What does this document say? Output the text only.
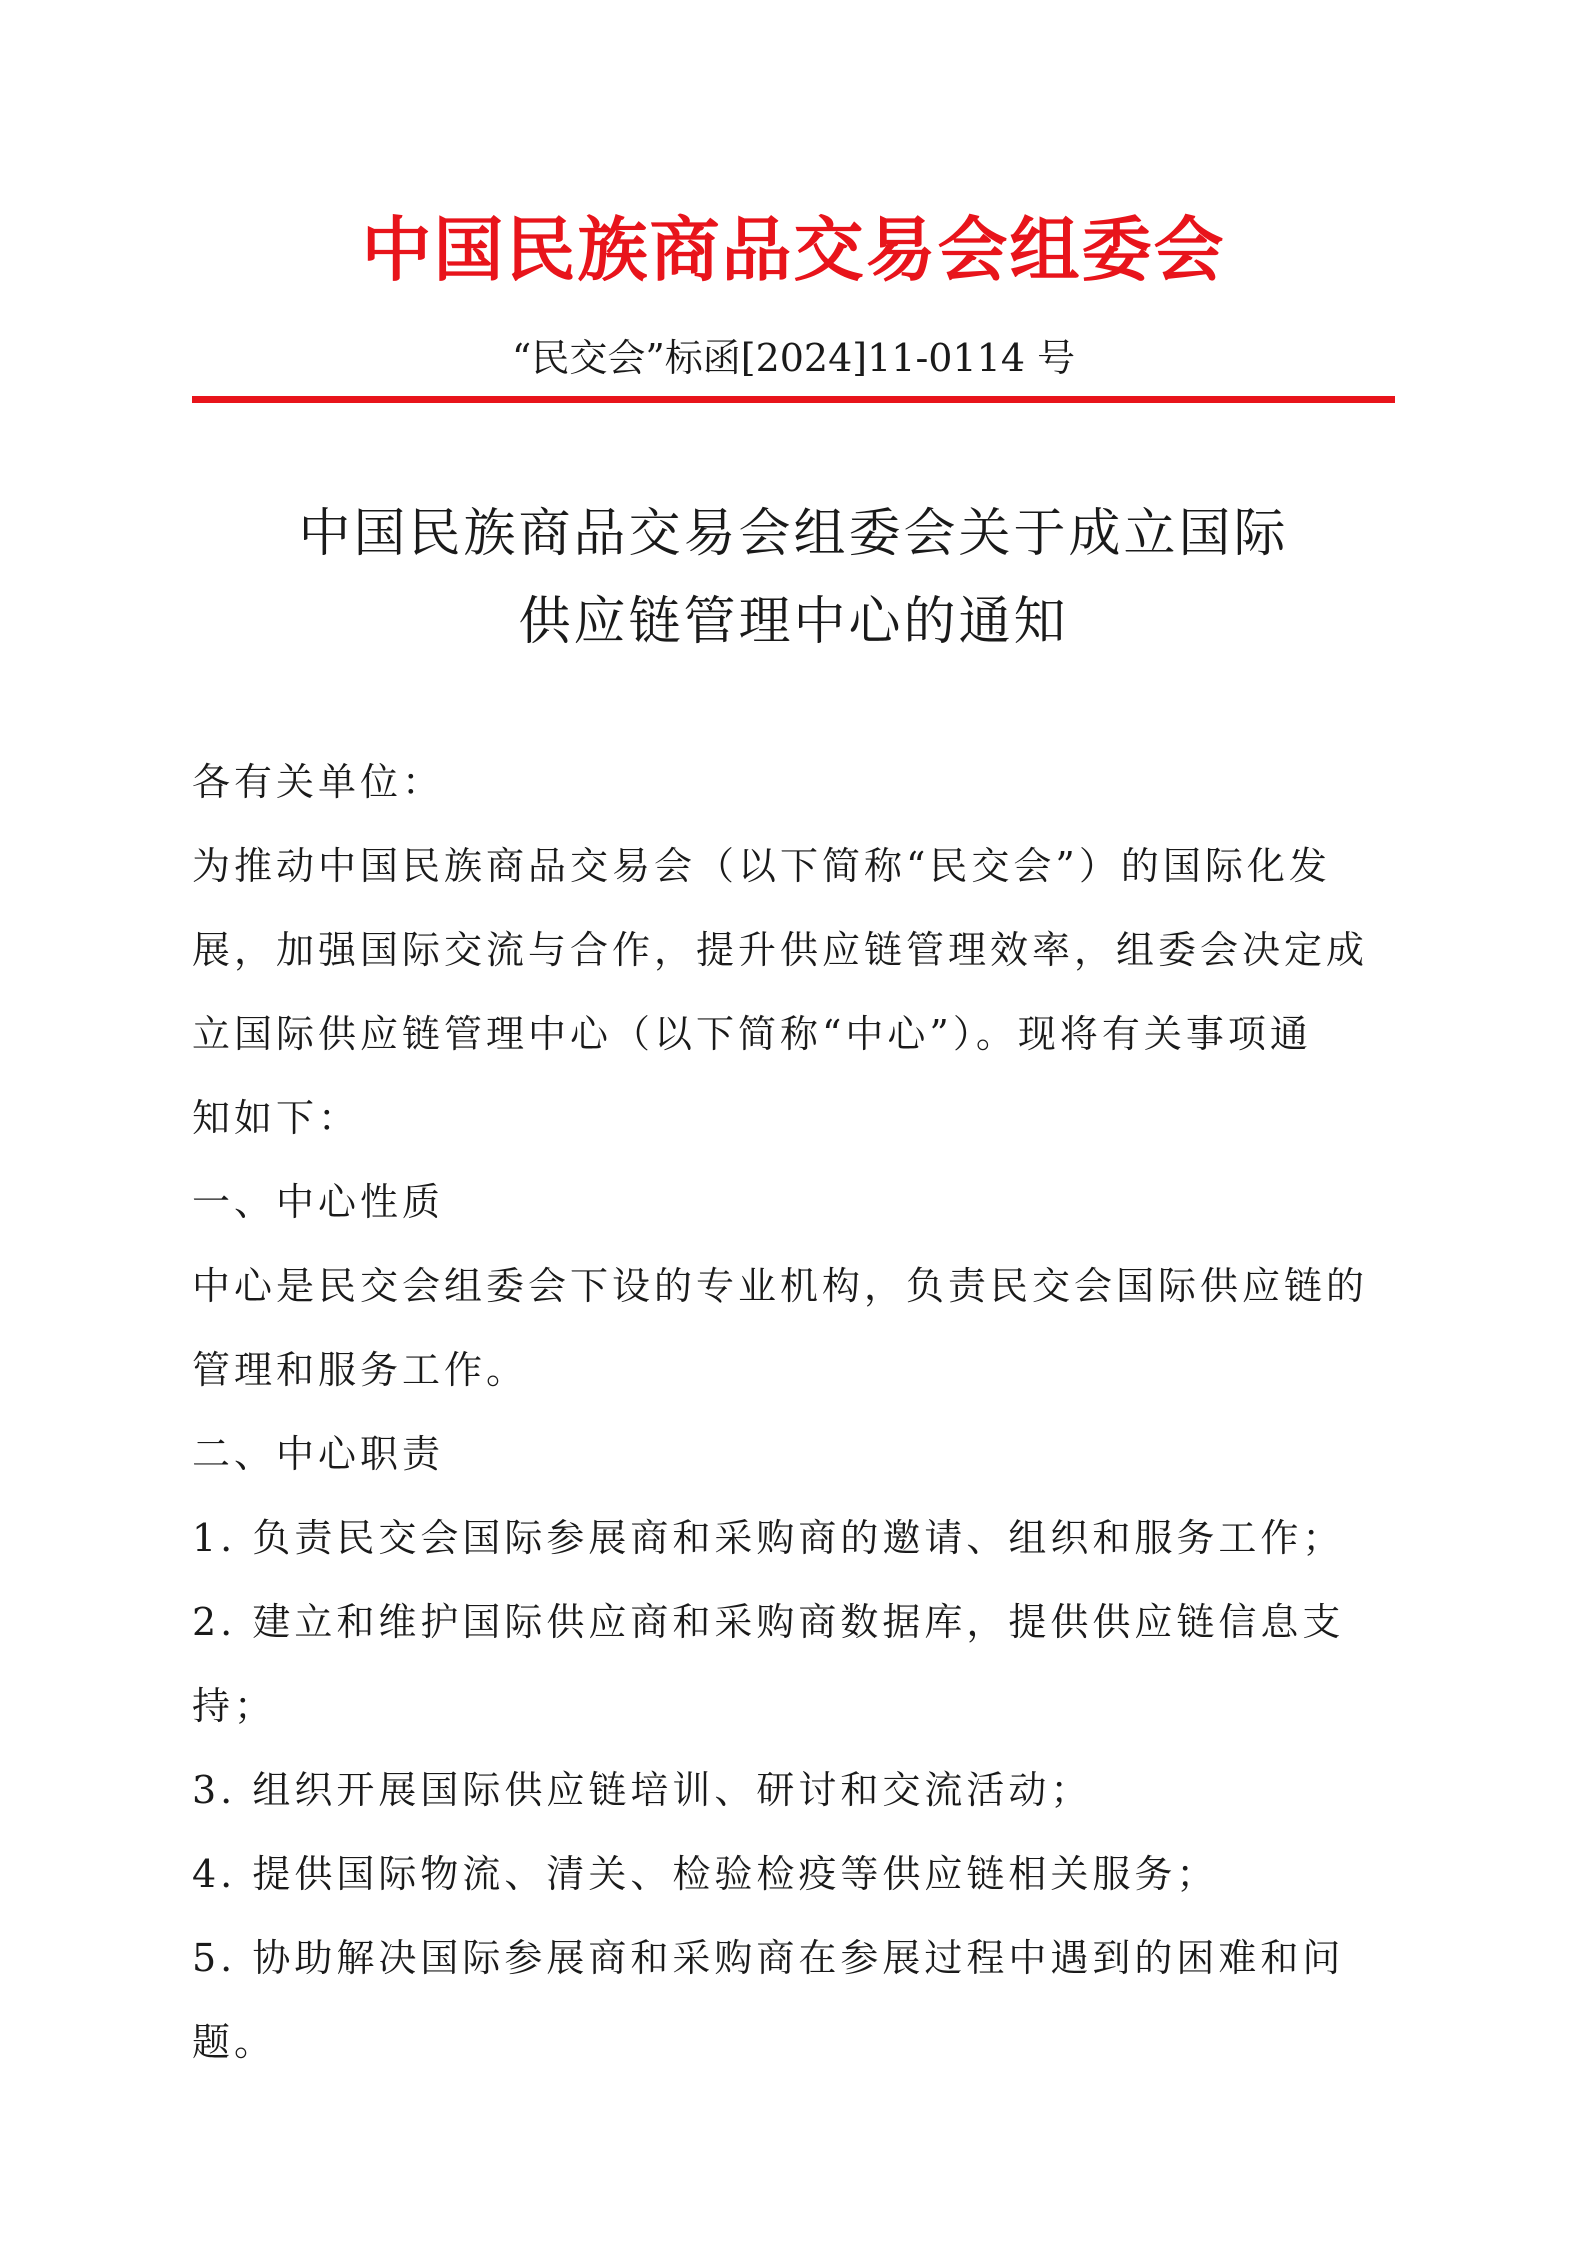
中国民族商品交易会组委会
“民交会”标函[2024]11-0114 号
中国民族商品交易会组委会关于成立国际
供应链管理中心的通知
各有关单位：
为推动中国民族商品交易会（以下简称“民交会”）的国际化发
展，加强国际交流与合作，提升供应链管理效率，组委会决定成
立国际供应链管理中心（以下简称“中心”）。现将有关事项通
知如下：
一、中心性质
中心是民交会组委会下设的专业机构，负责民交会国际供应链的
管理和服务工作。
二、中心职责
1. 负责民交会国际参展商和采购商的邀请、组织和服务工作；
2. 建立和维护国际供应商和采购商数据库，提供供应链信息支
持；
3. 组织开展国际供应链培训、研讨和交流活动；
4. 提供国际物流、清关、检验检疫等供应链相关服务；
5. 协助解决国际参展商和采购商在参展过程中遇到的困难和问
题。
